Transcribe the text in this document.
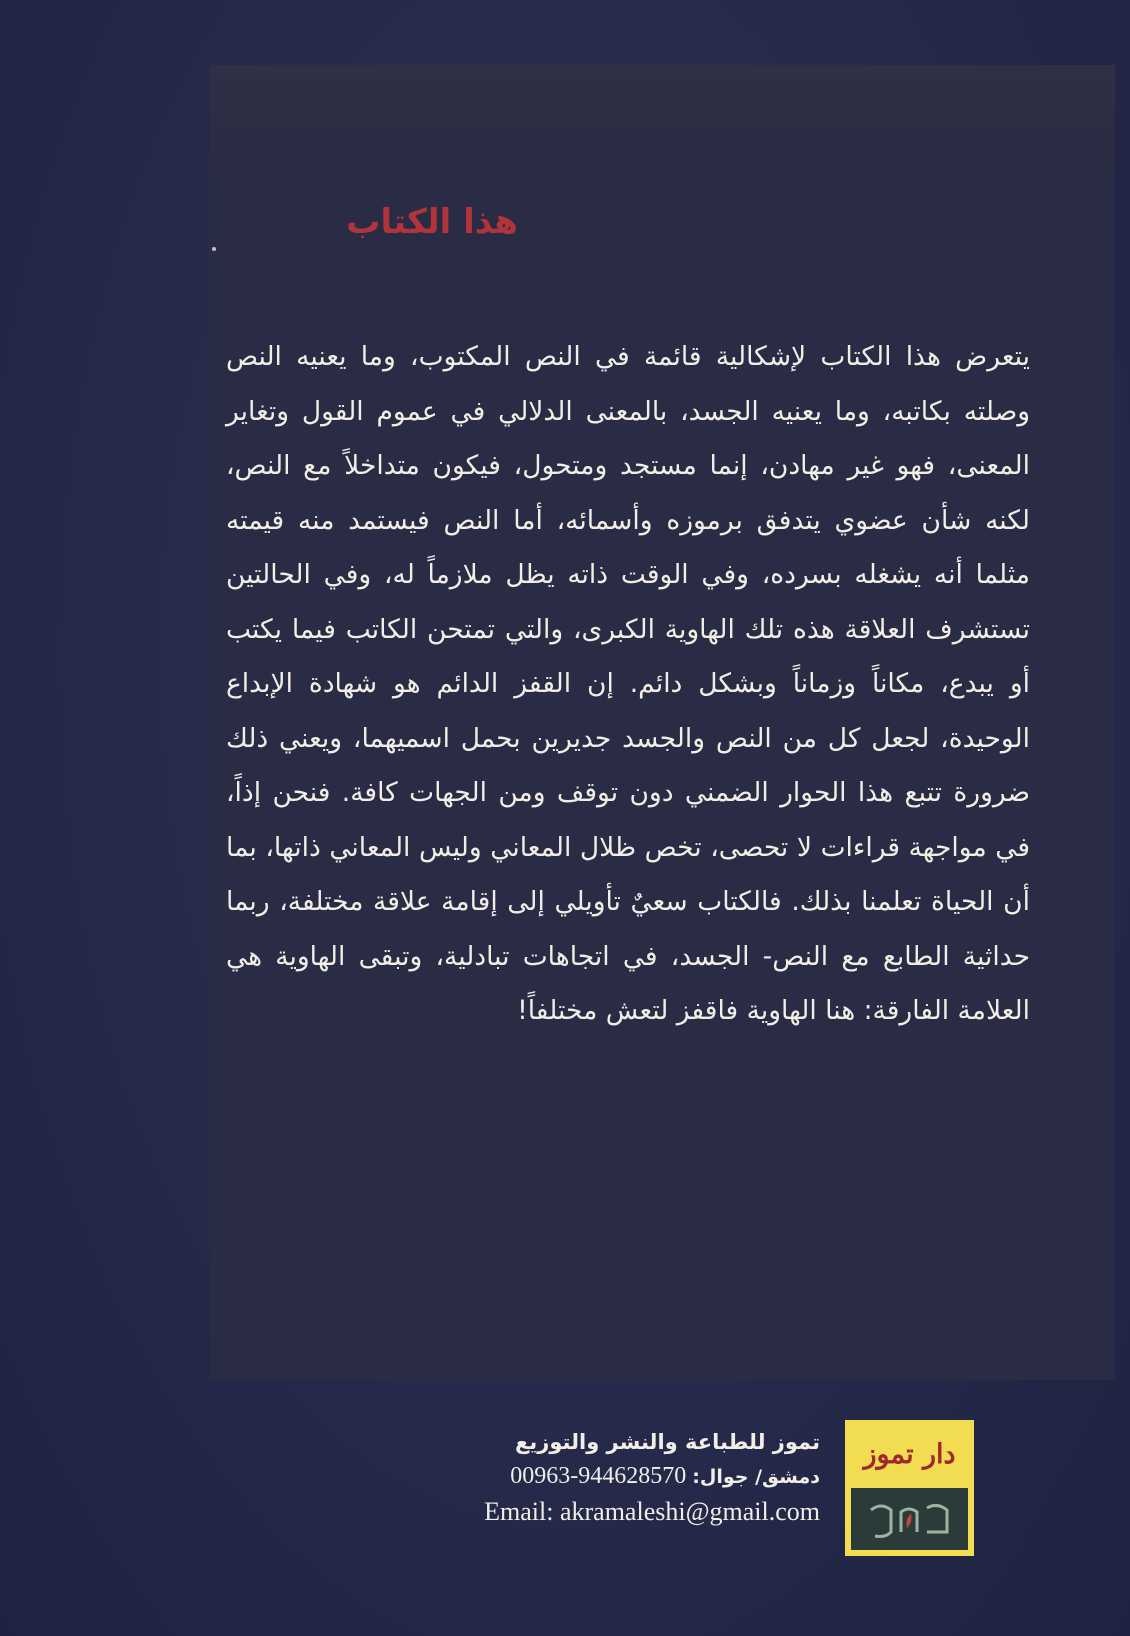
هذا الكتاب

يتعرض هذا الكتاب لإشكالية قائمة في النص المكتوب، وما يعنيه النص وصلته بكاتبه، وما يعنيه الجسد، بالمعنى الدلالي في عموم القول وتغاير المعنى، فهو غير مهادن، إنما مستجد ومتحول، فيكون متداخلاً مع النص، لكنه شأن عضوي يتدفق برموزه وأسمائه، أما النص فيستمد منه قيمته مثلما أنه يشغله بسرده، وفي الوقت ذاته يظل ملازماً له، وفي الحالتين تستشرف العلاقة هذه تلك الهاوية الكبرى، والتي تمتحن الكاتب فيما يكتب أو يبدع، مكاناً وزماناً وبشكل دائم. إن القفز الدائم هو شهادة الإبداع الوحيدة، لجعل كل من النص والجسد جديرين بحمل اسميهما، ويعني ذلك ضرورة تتبع هذا الحوار الضمني دون توقف ومن الجهات كافة. فنحن إذاً، في مواجهة قراءات لا تحصى، تخص ظلال المعاني وليس المعاني ذاتها، بما أن الحياة تعلمنا بذلك. فالكتاب سعيٌ تأويلي إلى إقامة علاقة مختلفة، ربما حداثية الطابع مع النص- الجسد، في اتجاهات تبادلية، وتبقى الهاوية هي العلامة الفارقة: هنا الهاوية فاقفز لتعش مختلفاً!

تموز للطباعة والنشر والتوزيع
00963-944628570 دمشق/ جوال:
Email: akramaleshi@gmail.com
دار تموز
